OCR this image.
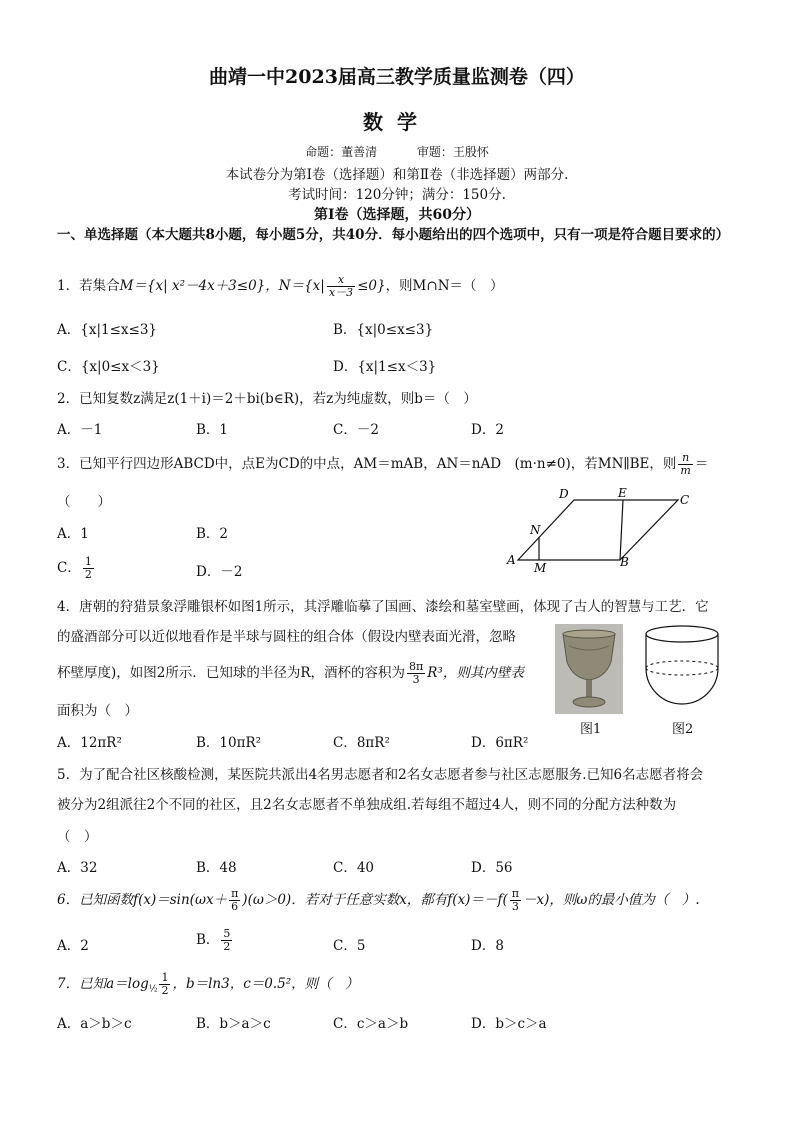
曲靖一中2023届高三教学质量监测卷（四）
数学
命题：董善清	审题：王殷怀
本试卷分为第Ⅰ卷（选择题）和第Ⅱ卷（非选择题）两部分.
考试时间：120分钟；满分：150分.
第Ⅰ卷（选择题，共60分）
一、单选择题（本大题共8小题，每小题5分，共40分．每小题给出的四个选项中，只有一项是符合题目要求的）
1．若集合M＝{x| x²－4x＋3≤0}，$N=\{x| \frac{x}{x-3} \le 0\}$，则M∩N＝（　）
A．{x|1≤x≤3}	B．{x|0≤x≤3}
C．{x|0≤x＜3}	D．{x|1≤x＜3}
2．已知复数z满足z(1＋i)＝2＋bi(b∈R)，若z为纯虚数，则b＝（　）
A．－1	B．1	C．－2	D．2
3．已知平行四边形ABCD中，点E为CD的中点，AM＝mAB，AN＝nAD　(m·n≠0)，若MN∥BE，则 $\frac{n}{m}$ ＝
（　　）
A．1	B．2
C． $\frac{1}{2}$	D．－2
A	B
C
D	E
M
N
4．唐朝的狩猎景象浮雕银杯如图1所示，其浮雕临摹了国画、漆绘和墓室壁画，体现了古人的智慧与工艺．它
的盛酒部分可以近似地看作是半球与圆柱的组合体（假设内壁表面光滑，忽略
杯壁厚度)，如图2所示．已知球的半径为R，酒杯的容积为 $\frac{8\pi}{3} R^3$，则其内壁表
面积为（　）
A．12πR²	B．10πR²	C．8πR²	D．6πR²
图1	图2
5．为了配合社区核酸检测，某医院共派出4名男志愿者和2名女志愿者参与社区志愿服务.已知6名志愿者将会
被分为2组派往2个不同的社区，且2名女志愿者不单独成组.若每组不超过4人，则不同的分配方法种数为
（　）
A．32	B．48	C．40	D．56
6．已知函数$f(x)=\sin(\omega x+ \frac{\pi}{6} )(\omega>0)$．若对于任意实数x，都有$f(x)=-f( \frac{\pi}{3} -x)$，则ω的最小值为（　）.
A．2	B． $\frac{5}{2}$	C．5	D．8
7．已知$a=\log_{\frac{1}{2}} \frac{1}{2}$ ，b＝ln3，c＝0.5²，则（　）
A．a＞b＞c	B．b＞a＞c	C．c＞a＞b	D．b＞c＞a
